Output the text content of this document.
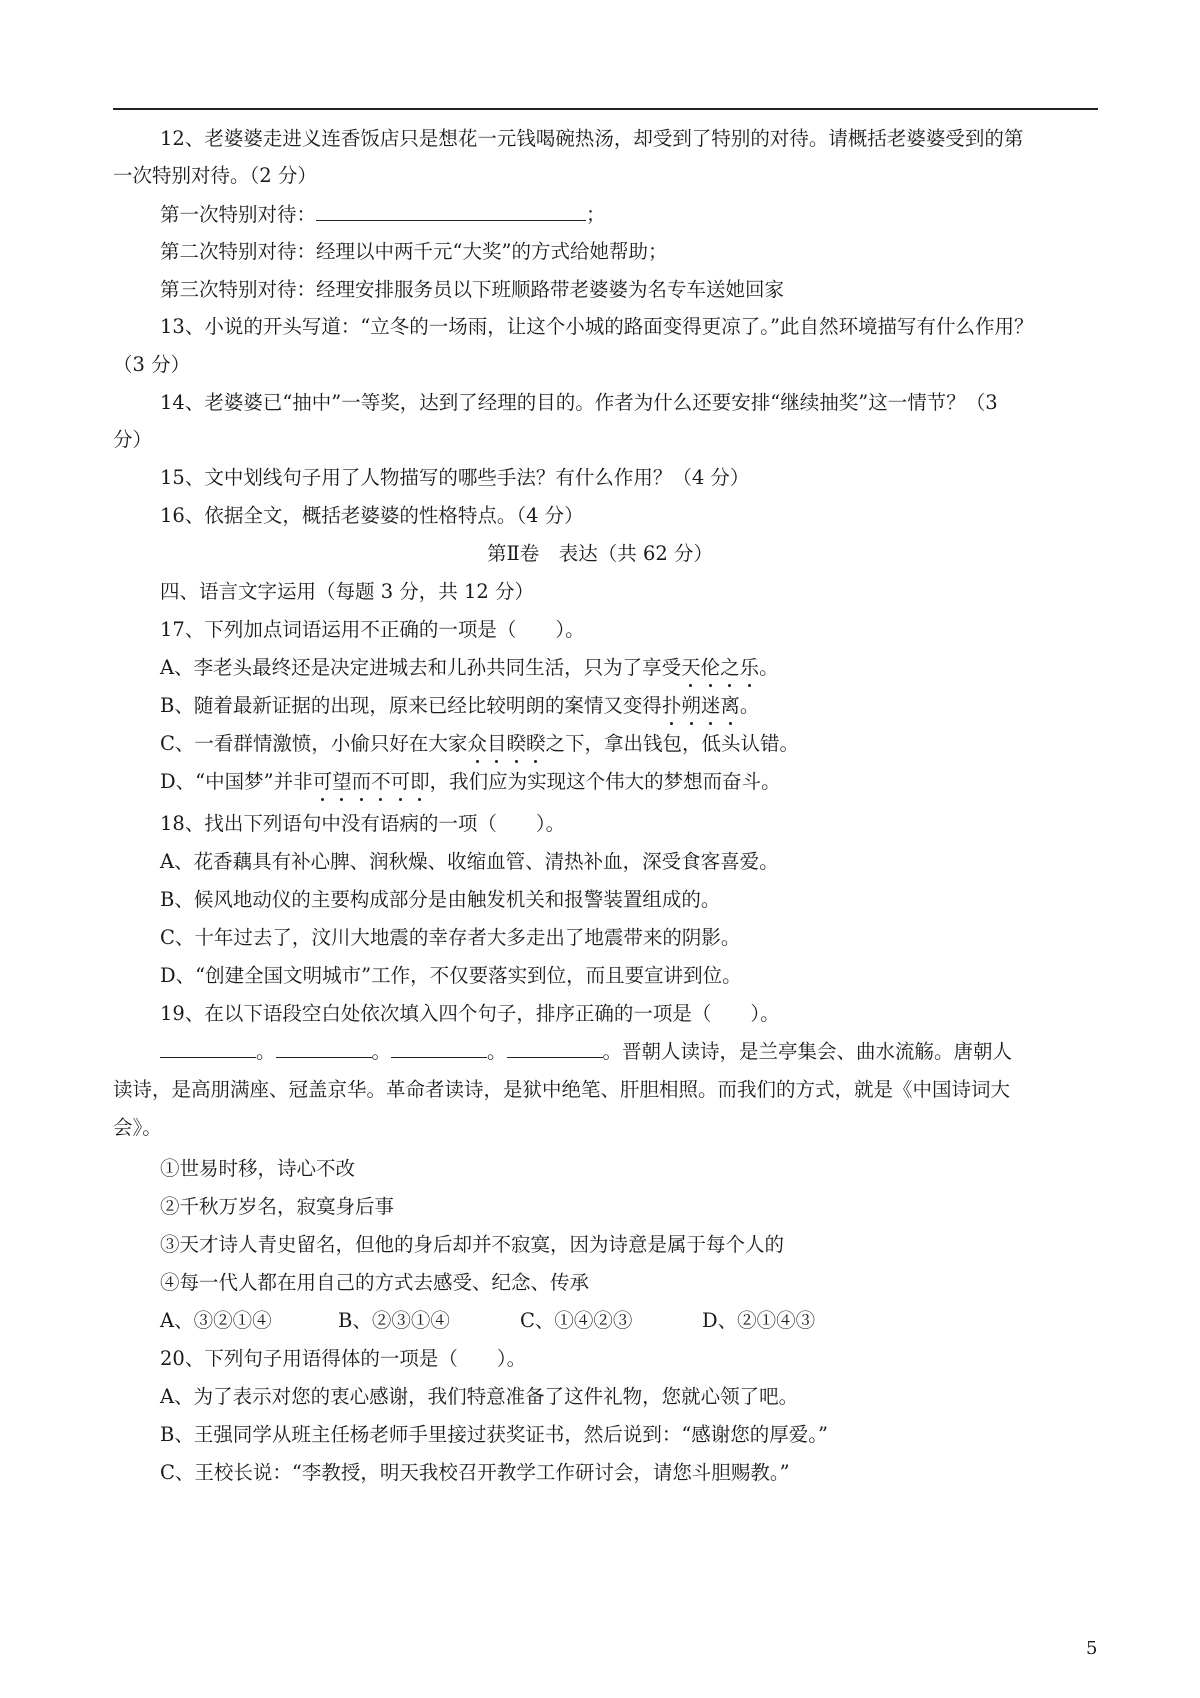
12、老婆婆走进义连香饭店只是想花一元钱喝碗热汤，却受到了特别的对待。请概括老婆婆受到的第
一次特别对待。（2 分）
第一次特别对待：	；
第二次特别对待：经理以中两千元“大奖”的方式给她帮助；
第三次特别对待：经理安排服务员以下班顺路带老婆婆为名专车送她回家
13、小说的开头写道：“立冬的一场雨，让这个小城的路面变得更凉了。”此自然环境描写有什么作用？
（3 分）
14、老婆婆已“抽中”一等奖，达到了经理的目的。作者为什么还要安排“继续抽奖”这一情节？（3
分）
15、文中划线句子用了人物描写的哪些手法？有什么作用？（4 分）
16、依据全文，概括老婆婆的性格特点。（4 分）
第Ⅱ卷　表达（共 62 分）
四、语言文字运用（每题 3 分，共 12 分）
17、下列加点词语运用不正确的一项是（　　）。
A、李老头最终还是决定进城去和儿孙共同生活，只为了享受天伦之乐。
B、随着最新证据的出现，原来已经比较明朗的案情又变得扑朔迷离。
C、一看群情激愤，小偷只好在大家众目睽睽之下，拿出钱包，低头认错。
D、“中国梦”并非可望而不可即，我们应为实现这个伟大的梦想而奋斗。
18、找出下列语句中没有语病的一项（　　）。
A、花香藕具有补心脾、润秋燥、收缩血管、清热补血，深受食客喜爱。
B、候风地动仪的主要构成部分是由触发机关和报警装置组成的。
C、十年过去了，汶川大地震的幸存者大多走出了地震带来的阴影。
D、“创建全国文明城市”工作，不仅要落实到位，而且要宣讲到位。
19、在以下语段空白处依次填入四个句子，排序正确的一项是（　　）。
。	。	。	。晋朝人读诗，是兰亭集会、曲水流觞。唐朝人
读诗，是高朋满座、冠盖京华。革命者读诗，是狱中绝笔、肝胆相照。而我们的方式，就是《中国诗词大
会》。
①世易时移，诗心不改
②千秋万岁名，寂寞身后事
③天才诗人青史留名，但他的身后却并不寂寞，因为诗意是属于每个人的
④每一代人都在用自己的方式去感受、纪念、传承
A、③②①④	B、②③①④	C、①④②③	D、②①④③
20、下列句子用语得体的一项是（　　）。
A、为了表示对您的衷心感谢，我们特意准备了这件礼物，您就心领了吧。
B、王强同学从班主任杨老师手里接过获奖证书，然后说到：“感谢您的厚爱。”
C、王校长说：“李教授，明天我校召开教学工作研讨会，请您斗胆赐教。”
5
